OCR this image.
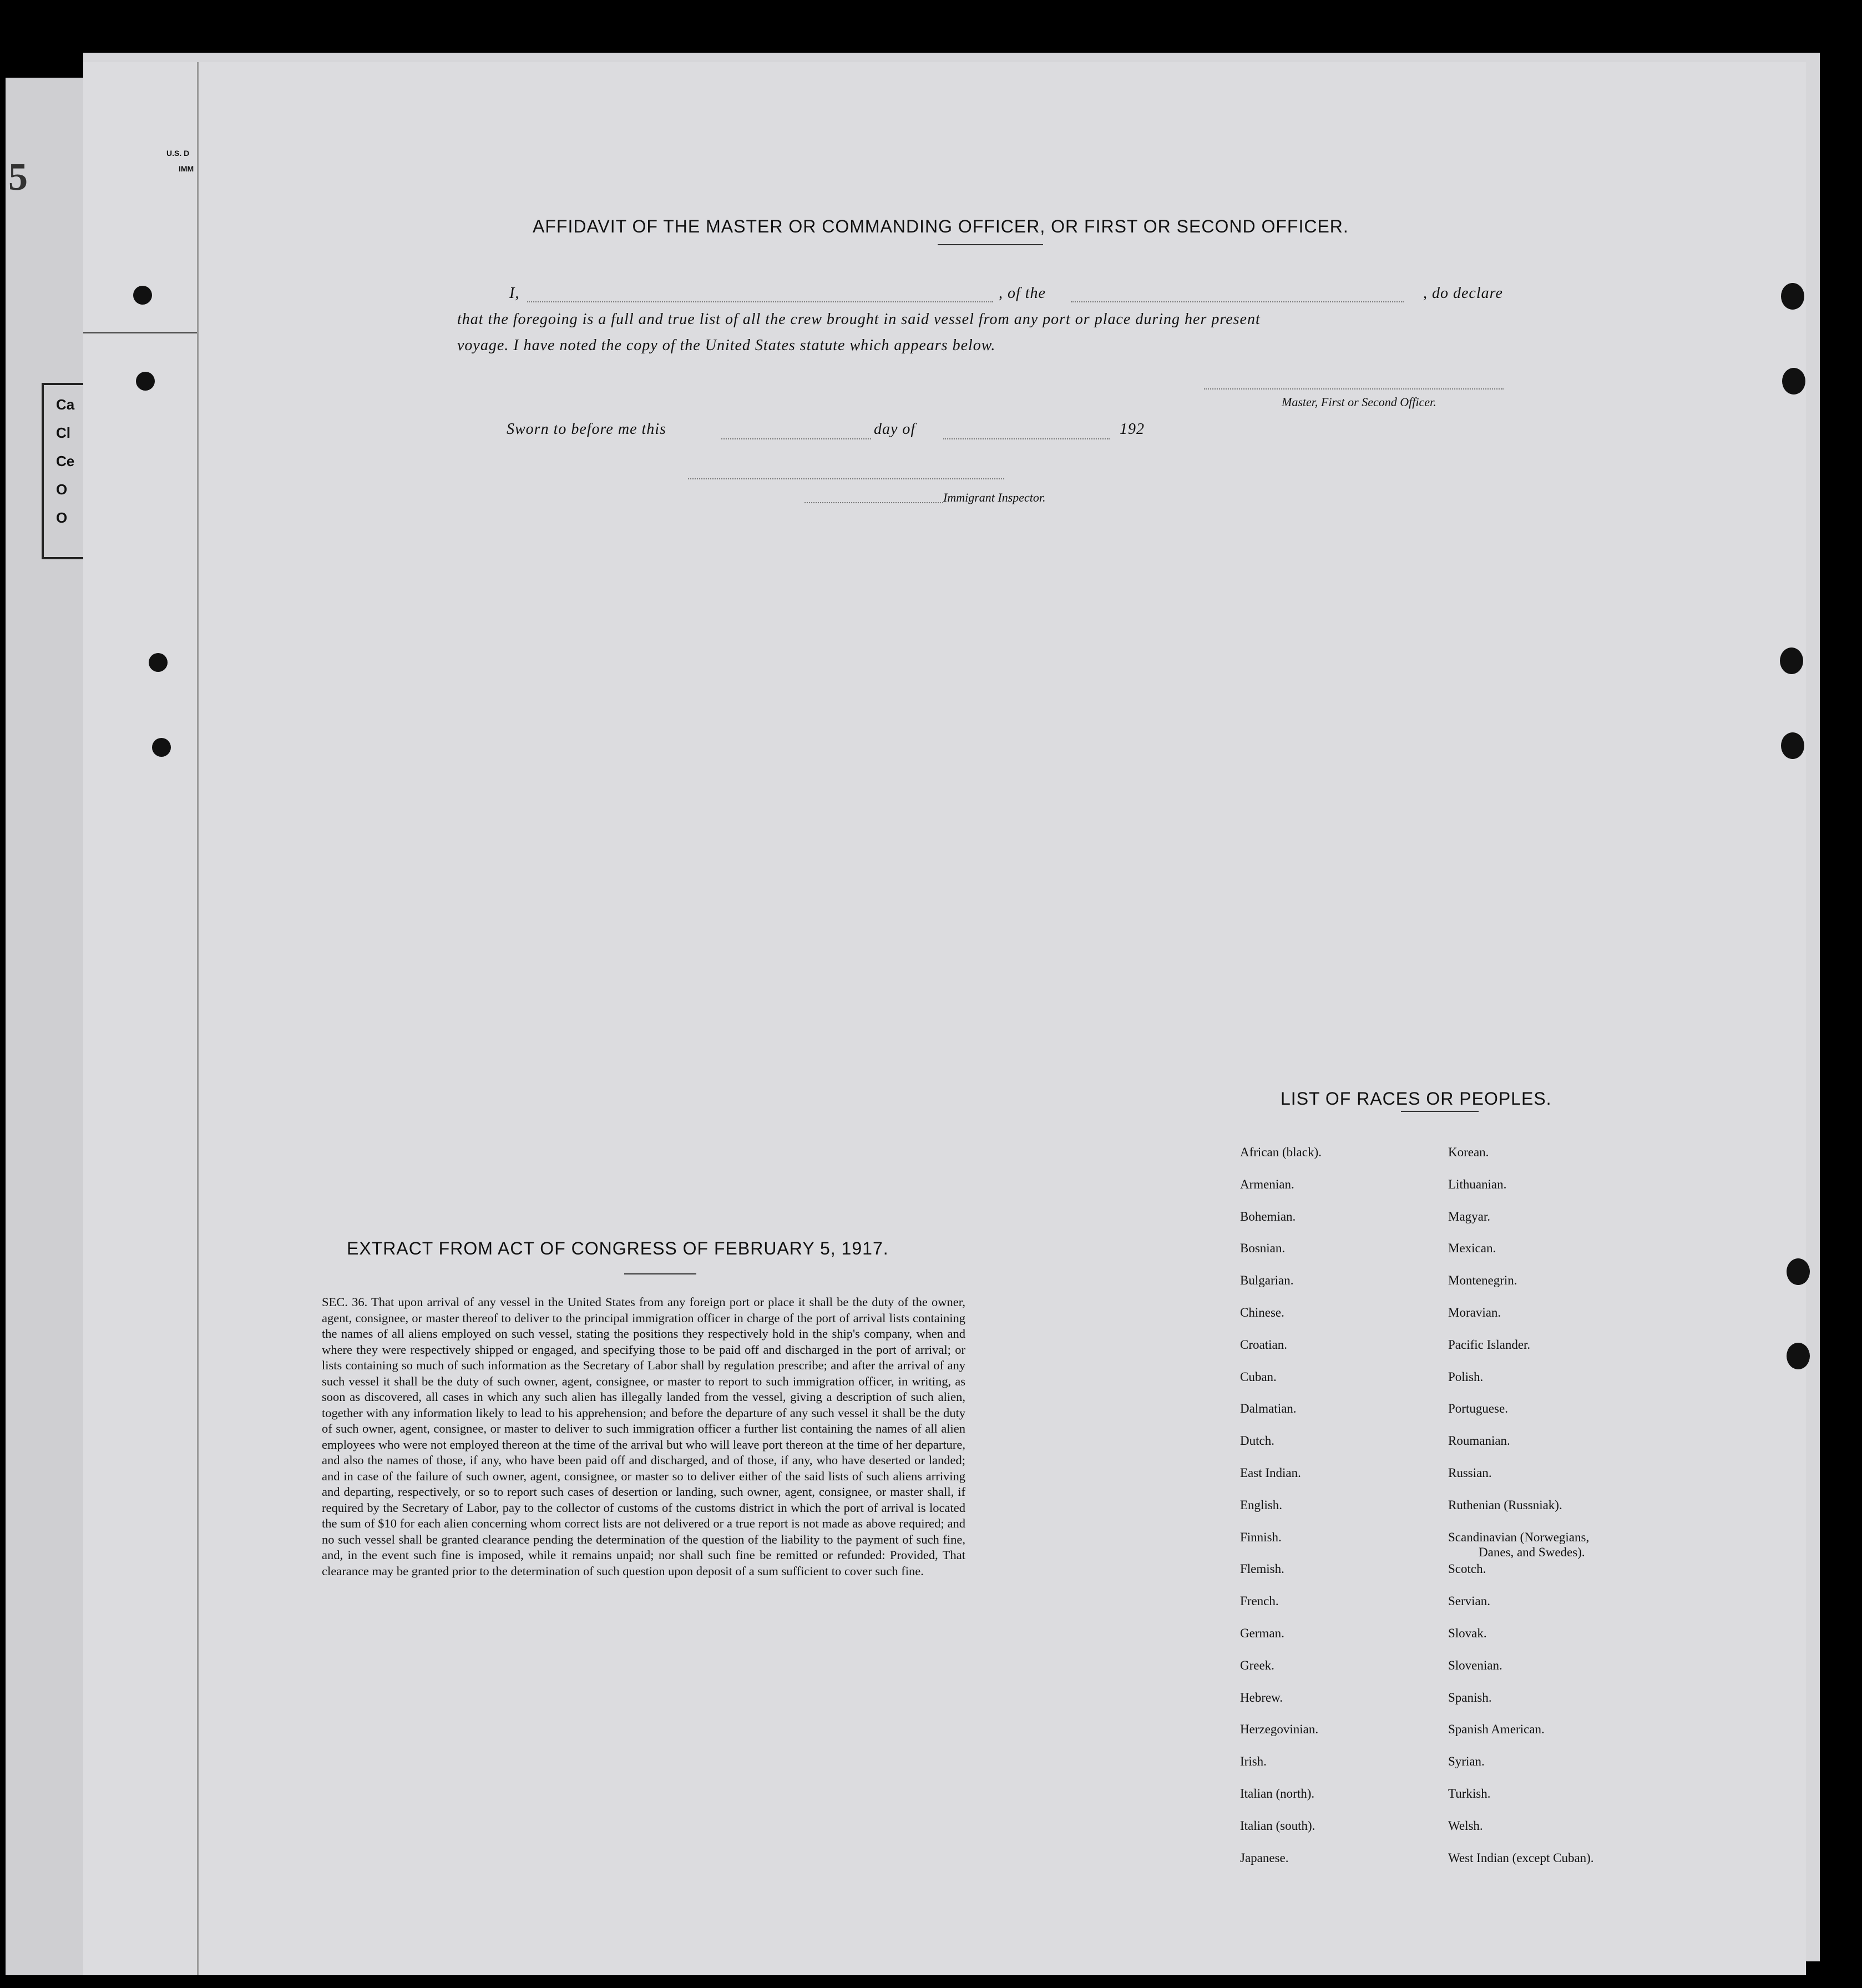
5
Ca
Cl
Ce
O
O
U.S. D
IMM
AFFIDAVIT OF THE MASTER OR COMMANDING OFFICER, OR FIRST OR SECOND OFFICER.
I,	, of the	, do declare
that the foregoing is a full and true list of all the crew brought in said vessel from any port or place during her present
voyage. I have noted the copy of the United States statute which appears below.
Master, First or Second Officer.
Sworn to before me this	day of	192
Immigrant Inspector.
EXTRACT FROM ACT OF CONGRESS OF FEBRUARY 5, 1917.
SEC. 36. That upon arrival of any vessel in the United States from any foreign port or place it shall be the duty of the owner, agent, consignee, or master thereof to deliver to the principal immigration officer in charge of the port of arrival lists containing the names of all aliens employed on such vessel, stating the positions they respectively hold in the ship's company, when and where they were respectively shipped or engaged, and specifying those to be paid off and discharged in the port of arrival; or lists containing so much of such information as the Secretary of Labor shall by regulation prescribe; and after the arrival of any such vessel it shall be the duty of such owner, agent, consignee, or master to report to such immigration officer, in writing, as soon as discovered, all cases in which any such alien has illegally landed from the vessel, giving a description of such alien, together with any information likely to lead to his apprehension; and before the departure of any such vessel it shall be the duty of such owner, agent, consignee, or master to deliver to such immigration officer a further list containing the names of all alien employees who were not employed thereon at the time of the arrival but who will leave port thereon at the time of her departure, and also the names of those, if any, who have been paid off and discharged, and of those, if any, who have deserted or landed; and in case of the failure of such owner, agent, consignee, or master so to deliver either of the said lists of such aliens arriving and departing, respectively, or so to report such cases of desertion or landing, such owner, agent, consignee, or master shall, if required by the Secretary of Labor, pay to the collector of customs of the customs district in which the port of arrival is located the sum of $10 for each alien concerning whom correct lists are not delivered or a true report is not made as above required; and no such vessel shall be granted clearance pending the determination of the question of the liability to the payment of such fine, and, in the event such fine is imposed, while it remains unpaid; nor shall such fine be remitted or refunded: Provided, That clearance may be granted prior to the determination of such question upon deposit of a sum sufficient to cover such fine.
LIST OF RACES OR PEOPLES.
African (black).
Armenian.
Bohemian.
Bosnian.
Bulgarian.
Chinese.
Croatian.
Cuban.
Dalmatian.
Dutch.
East Indian.
English.
Finnish.
Flemish.
French.
German.
Greek.
Hebrew.
Herzegovinian.
Irish.
Italian (north).
Italian (south).
Japanese.
Korean.
Lithuanian.
Magyar.
Mexican.
Montenegrin.
Moravian.
Pacific Islander.
Polish.
Portuguese.
Roumanian.
Russian.
Ruthenian (Russniak).
Scandinavian (Norwegians,
Danes, and Swedes).
Scotch.
Servian.
Slovak.
Slovenian.
Spanish.
Spanish American.
Syrian.
Turkish.
Welsh.
West Indian (except Cuban).
